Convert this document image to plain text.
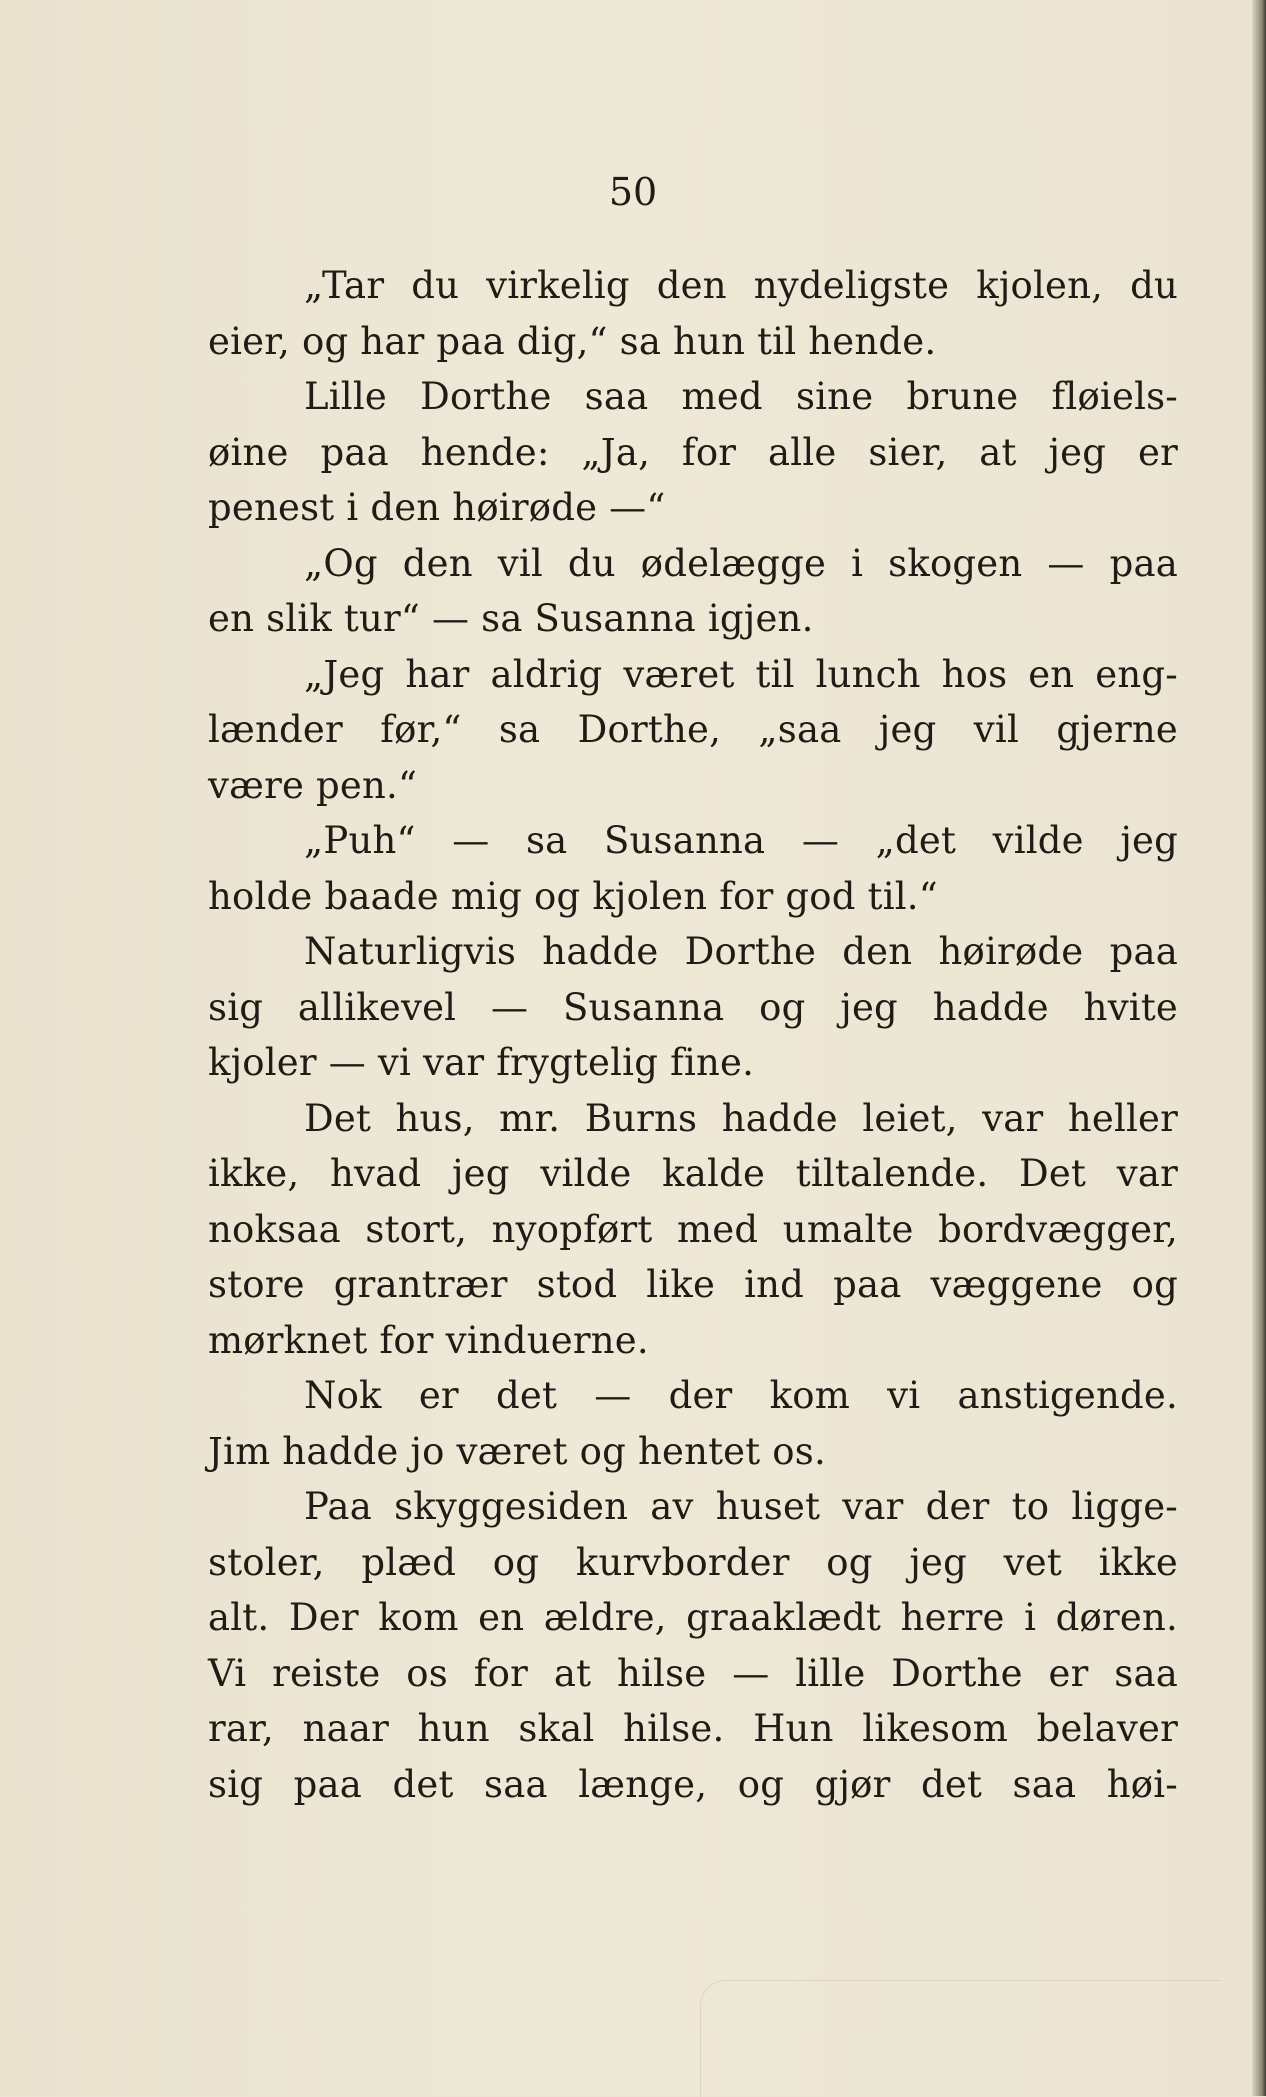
50

„Tar du virkelig den nydeligste kjolen, du
eier, og har paa dig,“ sa hun til hende.
Lille Dorthe saa med sine brune fløiels-
øine paa hende: „Ja, for alle sier, at jeg er
penest i den høirøde —“
„Og den vil du ødelægge i skogen — paa
en slik tur“ — sa Susanna igjen.
„Jeg har aldrig været til lunch hos en eng-
lænder før,“ sa Dorthe, „saa jeg vil gjerne
være pen.“
„Puh“ — sa Susanna — „det vilde jeg
holde baade mig og kjolen for god til.“
Naturligvis hadde Dorthe den høirøde paa
sig allikevel — Susanna og jeg hadde hvite
kjoler — vi var frygtelig fine.
Det hus, mr. Burns hadde leiet, var heller
ikke, hvad jeg vilde kalde tiltalende. Det var
noksaa stort, nyopført med umalte bordvægger,
store grantrær stod like ind paa væggene og
mørknet for vinduerne.
Nok er det — der kom vi anstigende.
Jim hadde jo været og hentet os.
Paa skyggesiden av huset var der to ligge-
stoler, plæd og kurvborder og jeg vet ikke
alt. Der kom en ældre, graaklædt herre i døren.
Vi reiste os for at hilse — lille Dorthe er saa
rar, naar hun skal hilse. Hun likesom belaver
sig paa det saa længe, og gjør det saa høi-
